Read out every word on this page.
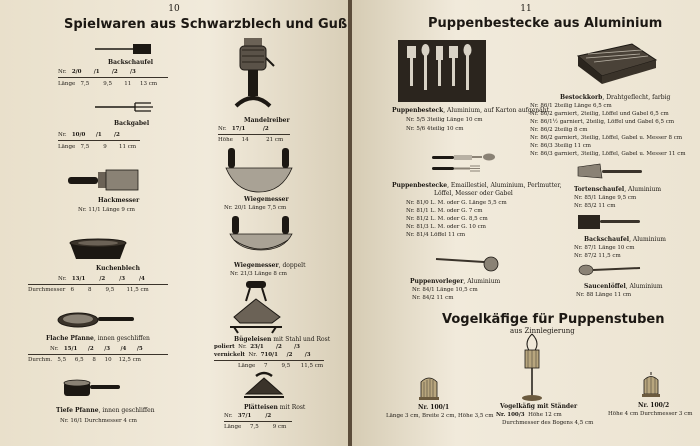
10
Spielwaren aus Schwarzblech und Guß
Backschaufel
Nr. 2/0 /1 /2 /3
Länge 7,5	9,5 11 13 cm
Backgabel
Nr. 10/0 /1 /2
Länge 7,5	9 11 cm
Hackmesser
Nr. 11/1 Länge 9 cm
Kuchenblech
Nr. 13/1	/2	/3	/4
Durchmesser 6	8	9,5 11,5 cm
Flache Pfanne, innen geschliffen
Nr. 15/1 /2 /3 /4 /5
Durchm. 5,5 6,5 8 10 12,5 cm
Tiefe Pfanne, innen geschliffen
Nr. 16/1 Durchmesser 4 cm
Mandelreiber
Nr. 17/1	/2
Höhe 14	21 cm
Wiegemesser
Nr. 20/1 Länge 7,5 cm
Wiegemesser, doppelt
Nr. 21/3 Länge 8 cm
Bügeleisen mit Stahl und Rost
poliert Nr. 23/1 /2 /3
vernickelt Nr. 710/1 /2 /3
Länge 7	9,5 11,5 cm
Plätteisen mit Rost
Nr. 37/1	/2
Länge 7,5	9 cm
11
Puppenbestecke aus Aluminium
Puppenbesteck, Aluminium, auf Karton aufgenäht
Nr. 5/5 3teilig Länge 10 cm
Nr. 5/6 4teilig 10 cm
Puppenbestecke, Emaillestiel, Aluminium, Perlmutter,
Löffel, Messer oder Gabel
Nr. 81/0 L. M. oder G. Länge 5,5 cm
Nr. 81/1 L. M. oder G. 7 cm
Nr. 81/2 L. M. oder G. 8,5 cm
Nr. 81/3 L. M. oder G. 10 cm
Nr. 81/4 Löffel 11 cm
Puppenvorleger, Aluminium
Nr. 84/1 Länge 10,5 cm
Nr. 84/2 11 cm
Bestockkorb, Drahtgeflecht, farbig
Nr. 86/1 2teilig Länge 6,5 cm
Nr. 86/2 garniert, 2teilig, Löffel und Gabel 6,5 cm
Nr. 86/1½ garniert, 2teilig, Löffel und Gabel 6,5 cm
Nr. 86/2 2teilig 8 cm
Nr. 86/2 garniert, 3teilig, Löffel, Gabel u. Messer 8 cm
Nr. 86/3 3teilig 11 cm
Nr. 86/3 garniert, 3teilig, Löffel, Gabel u. Messer 11 cm
Tortenschaufel, Aluminium
Nr. 85/1 Länge 9,5 cm
Nr. 85/2 11 cm
Backschaufel, Aluminium
Nr. 87/1 Länge 10 cm
Nr. 87/2 11,5 cm
Saucenlöffel, Aluminium
Nr. 88 Länge 11 cm
Vogelkäfige für Puppenstuben
aus Zinnlegierung
Nr. 100/1
Länge 3 cm, Breite 2 cm, Höhe 3,5 cm
Vogelkäfig mit Ständer
Nr. 100/3 Höhe 12 cm
Durchmesser des Bogens 4,5 cm
Nr. 100/2
Höhe 4 cm Durchmesser 3 cm
